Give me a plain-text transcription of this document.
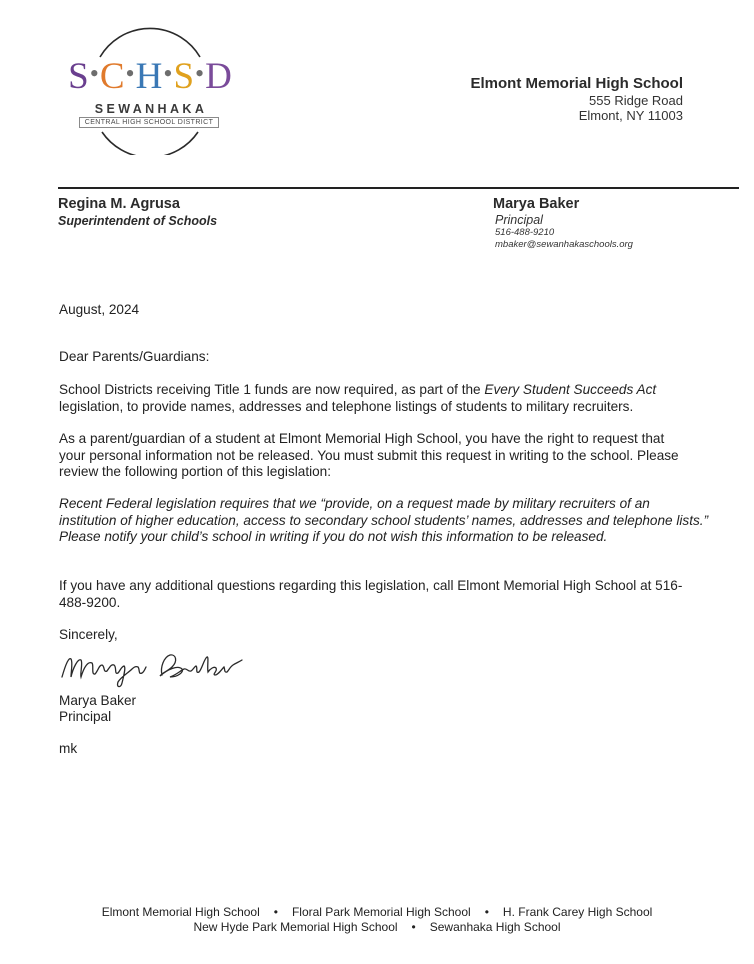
S•C•H•S•D
SEWANHAKA
CENTRAL HIGH SCHOOL DISTRICT
Elmont Memorial High School
555 Ridge Road
Elmont, NY 11003
Regina M. Agrusa
Superintendent of Schools
Marya Baker
Principal
516-488-9210
mbaker@sewanhakaschools.org
August, 2024
Dear Parents/Guardians:
School Districts receiving Title 1 funds are now required, as part of the Every Student Succeeds Act legislation, to provide names, addresses and telephone listings of students to military recruiters.
As a parent/guardian of a student at Elmont Memorial High School, you have the right to request that your personal information not be released. You must submit this request in writing to the school. Please review the following portion of this legislation:
Recent Federal legislation requires that we “provide, on a request made by military recruiters of an institution of higher education, access to secondary school students’ names, addresses and telephone lists.” Please notify your child’s school in writing if you do not wish this information to be released.
If you have any additional questions regarding this legislation, call Elmont Memorial High School at 516-488-9200.
Sincerely,
Marya Baker
Principal
mk
Elmont Memorial High School • Floral Park Memorial High School • H. Frank Carey High School
New Hyde Park Memorial High School • Sewanhaka High School
